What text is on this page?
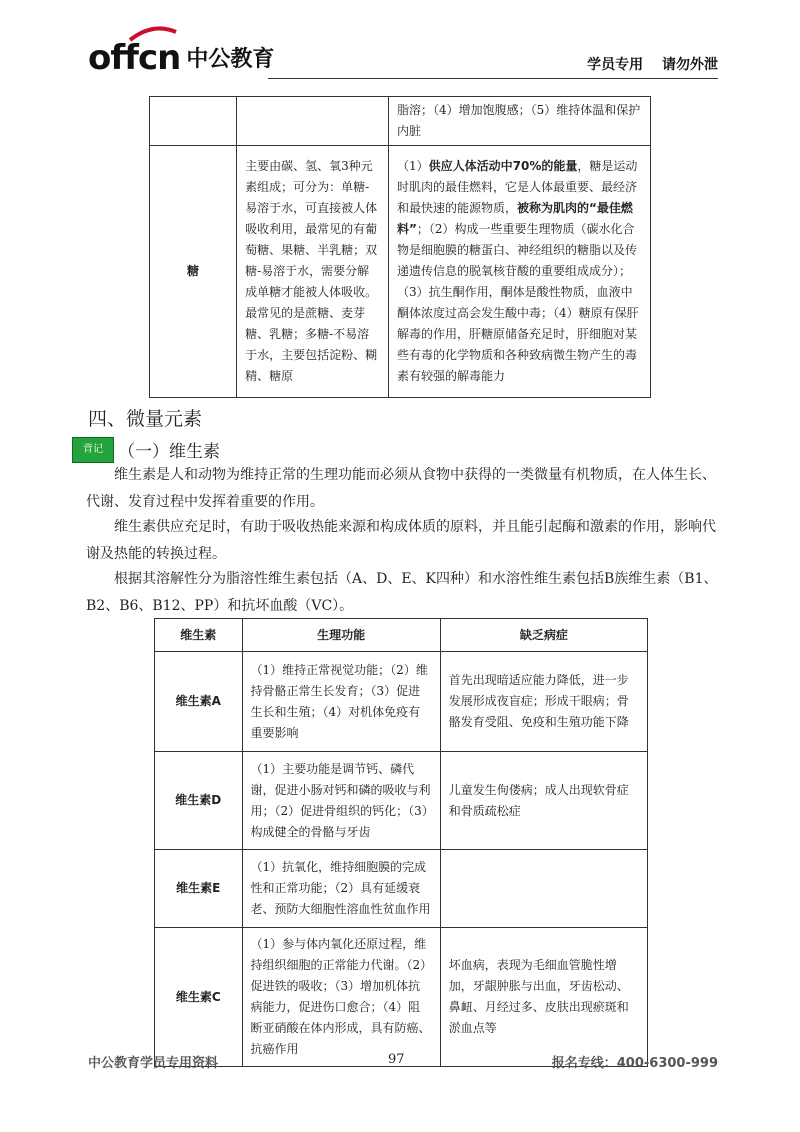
offcn 中公教育	学员专用 请勿外泄
		脂溶；（4）增加饱腹感；（5）维持体温和保护内脏
糖	主要由碳、氢、氧3种元素组成；可分为：单糖-易溶于水，可直接被人体吸收利用，最常见的有葡萄糖、果糖、半乳糖；双糖-易溶于水，需要分解成单糖才能被人体吸收。最常见的是蔗糖、麦芽糖、乳糖；多糖-不易溶于水，主要包括淀粉、糊精、糖原	（1）供应人体活动中70%的能量，糖是运动时肌肉的最佳燃料，它是人体最重要、最经济和最快速的能源物质，被称为肌肉的“最佳燃料”；（2）构成一些重要生理物质（碳水化合物是细胞膜的糖蛋白、神经组织的糖脂以及传递遗传信息的脱氧核苷酸的重要组成成分）；（3）抗生酮作用，酮体是酸性物质，血液中酮体浓度过高会发生酸中毒；（4）糖原有保肝解毒的作用，肝糖原储备充足时，肝细胞对某些有毒的化学物质和各种致病微生物产生的毒素有较强的解毒能力
四、微量元素
背记 （一）维生素

维生素是人和动物为维持正常的生理功能而必须从食物中获得的一类微量有机物质，在人体生长、代谢、发育过程中发挥着重要的作用。

维生素供应充足时，有助于吸收热能来源和构成体质的原料，并且能引起酶和激素的作用，影响代谢及热能的转换过程。

根据其溶解性分为脂溶性维生素包括（A、D、E、K四种）和水溶性维生素包括B族维生素（B1、B2、B6、B12、PP）和抗坏血酸（VC）。

维生素	生理功能	缺乏病症
维生素A	（1）维持正常视觉功能；（2）维持骨骼正常生长发育；（3）促进生长和生殖；（4）对机体免疫有重要影响	首先出现暗适应能力降低，进一步发展形成夜盲症；形成干眼病；骨骼发育受阻、免疫和生殖功能下降
维生素D	（1）主要功能是调节钙、磷代谢，促进小肠对钙和磷的吸收与利用；（2）促进骨组织的钙化；（3）构成健全的骨骼与牙齿	儿童发生佝偻病；成人出现软骨症和骨质疏松症
维生素E	（1）抗氧化，维持细胞膜的完成性和正常功能；（2）具有延缓衰老、预防大细胞性溶血性贫血作用	
维生素C	（1）参与体内氧化还原过程，维持组织细胞的正常能力代谢。（2）促进铁的吸收；（3）增加机体抗病能力，促进伤口愈合；（4）阻断亚硝酸在体内形成，具有防癌、抗癌作用	坏血病，表现为毛细血管脆性增加，牙龈肿胀与出血，牙齿松动、鼻衄、月经过多、皮肤出现瘀斑和淤血点等
中公教育学员专用资料	97	报名专线：400-6300-999
